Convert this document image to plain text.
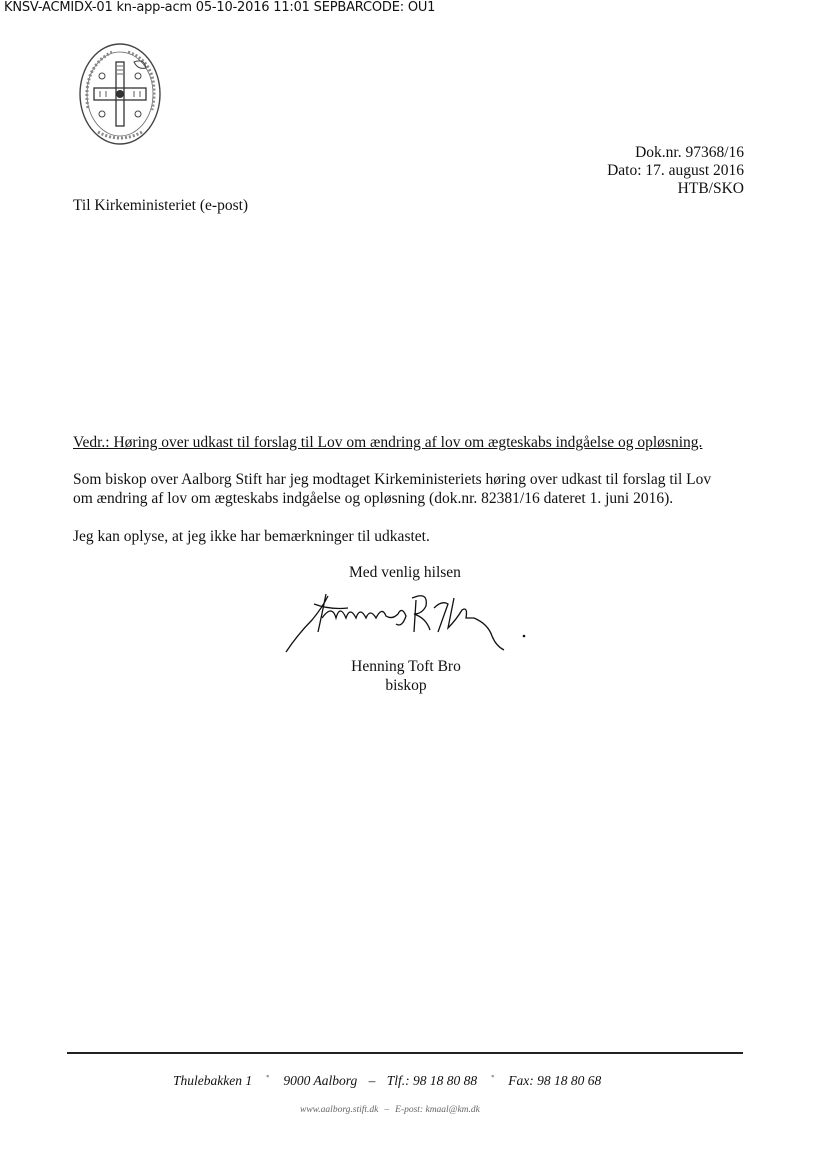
KNSV-ACMIDX-01 kn-app-acm 05-10-2016 11:01 SEPBARCODE: OU1
Dok.nr. 97368/16
Dato: 17. august 2016
HTB/SKO
Til Kirkeministeriet (e-post)
Vedr.: Høring over udkast til forslag til Lov om ændring af lov om ægteskabs indgåelse og opløsning.
Som biskop over Aalborg Stift har jeg modtaget Kirkeministeriets høring over udkast til forslag til Lov
om ændring af lov om ægteskabs indgåelse og opløsning (dok.nr. 82381/16 dateret 1. juni 2016).
Jeg kan oplyse, at jeg ikke har bemærkninger til udkastet.
Med venlig hilsen
Henning Toft Bro
biskop
Thulebakken 1 ▪ 9000 Aalborg – Tlf.: 98 18 80 88 ▪ Fax: 98 18 80 68
www.aalborg.stift.dk – E-post: kmaal@km.dk
